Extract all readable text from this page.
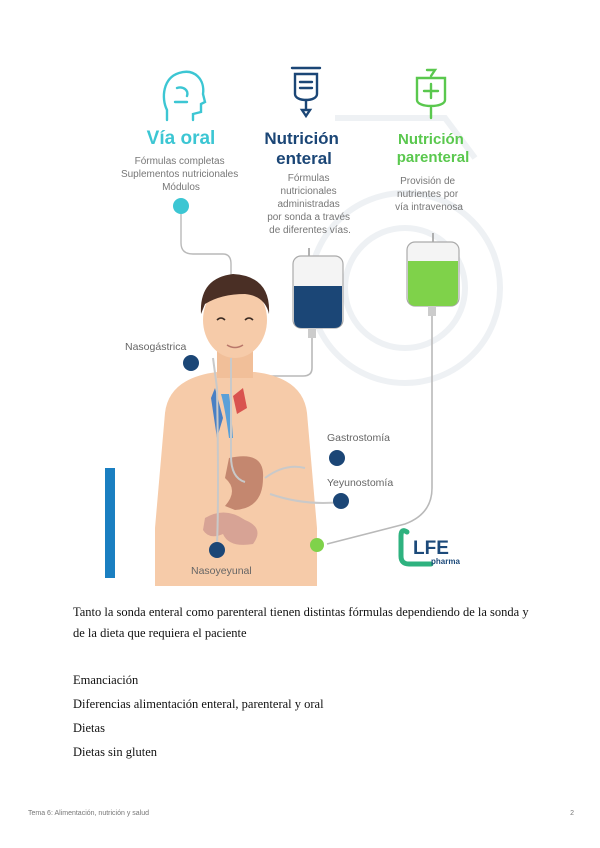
Vía oral	Nutrición enteral
Nutrición parenteral
Fórmulas completas Suplementos nutricionales Módulos
Fórmulas nutricionales administradas por sonda a través de diferentes vías.
Provisión de nutrientes por vía intravenosa
Nasogástrica
Gastrostomía
Yeyunostomía
Nasoyeyunal
LFE
pharma

Tanto la sonda enteral como parenteral tienen distintas fórmulas dependiendo de la sonda y de la dieta que requiera el paciente

Emanciación
Diferencias alimentación enteral, parenteral y oral
Dietas
Dietas sin gluten
Tema 6: Alimentación, nutrición y salud	2
